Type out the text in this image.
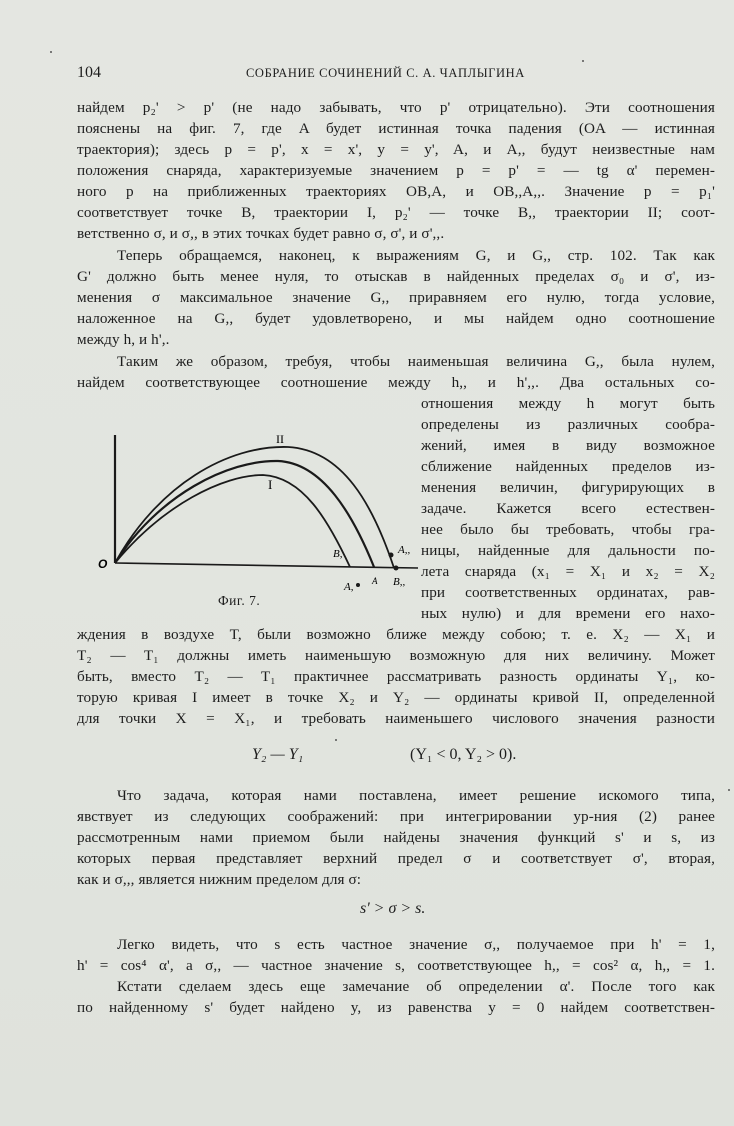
104	СОБРАНИЕ СОЧИНЕНИЙ С. А. ЧАПЛЫГИНА
найдем p₂' > p' (не надо забывать, что p' отрицательно). Эти соотношения
пояснены на фиг. 7, где A будет истинная точка падения (OA — истинная
траектория); здесь p = p', x = x', y = y', A, и A,, будут неизвестные нам
положения снаряда, характеризуемые значением p = p' = — tg α' перемен-
ного p на приближенных траекториях OB,A, и OB,,A,,. Значение p = p₁'
соответствует точке B, траектории I, p₂' — точке B,, траектории II; соот-
ветственно σ, и σ,, в этих точках будет равно σ, σ', и σ',,.
Теперь обращаемся, наконец, к выражениям G, и G,, стр. 102. Так как
G' должно быть менее нуля, то отыскав в найденных пределах σ₀ и σ', из-
менения σ максимальное значение G,, приравняем его нулю, тогда условие,
наложенное на G,, будет удовлетворено, и мы найдем одно соотношение
между h, и h',.
Таким же образом, требуя, чтобы наименьшая величина G,, была нулем,
найдем соответствующее соотношение между h,, и h',,. Два остальных со-
отношения между h могут быть
определены из различных сообра-
жений, имея в виду возможное
сближение найденных пределов из-
менения величин, фигурирующих в
задаче. Кажется всего естествен-
нее было бы требовать, чтобы гра-
ницы, найденные для дальности по-
лета снаряда (x₁ = X₁ и x₂ = X₂
при соответственных ординатах, рав-
ных нулю) и для времени его нахо-
ждения в воздухе T, были возможно ближе между собою; т. е. X₂ — X₁ и
T₂ — T₁ должны иметь наименьшую возможную для них величину. Может
быть, вместо T₂ — T₁ практичнее рассматривать разность ординаты Y₁, ко-
торую кривая I имеет в точке X₂ и Y₂ — ординаты кривой II, определенной
для точки X = X₁, и требовать наименьшего числового значения разности
Y₂ — Y₁	(Y₁ < 0, Y₂ > 0).
Что задача, которая нами поставлена, имеет решение искомого типа,
явствует из следующих соображений: при интегрировании ур-ния (2) ранее
рассмотренным нами приемом были найдены значения функций s' и s, из
которых первая представляет верхний предел σ и соответствует σ', вторая,
как и σ,,, является нижним пределом для σ:
s' > σ > s.
Легко видеть, что s есть частное значение σ,, получаемое при h' = 1,
h' = cos⁴ α', а σ,, — частное значение s, соответствующее h,, = cos² α, h,, = 1.
Кстати сделаем здесь еще замечание об определении α'. После того как
по найденному s' будет найдено y, из равенства y = 0 найдем соответствен-
II
I
O
B,
A, A
A,,
B,,
Фиг. 7.
